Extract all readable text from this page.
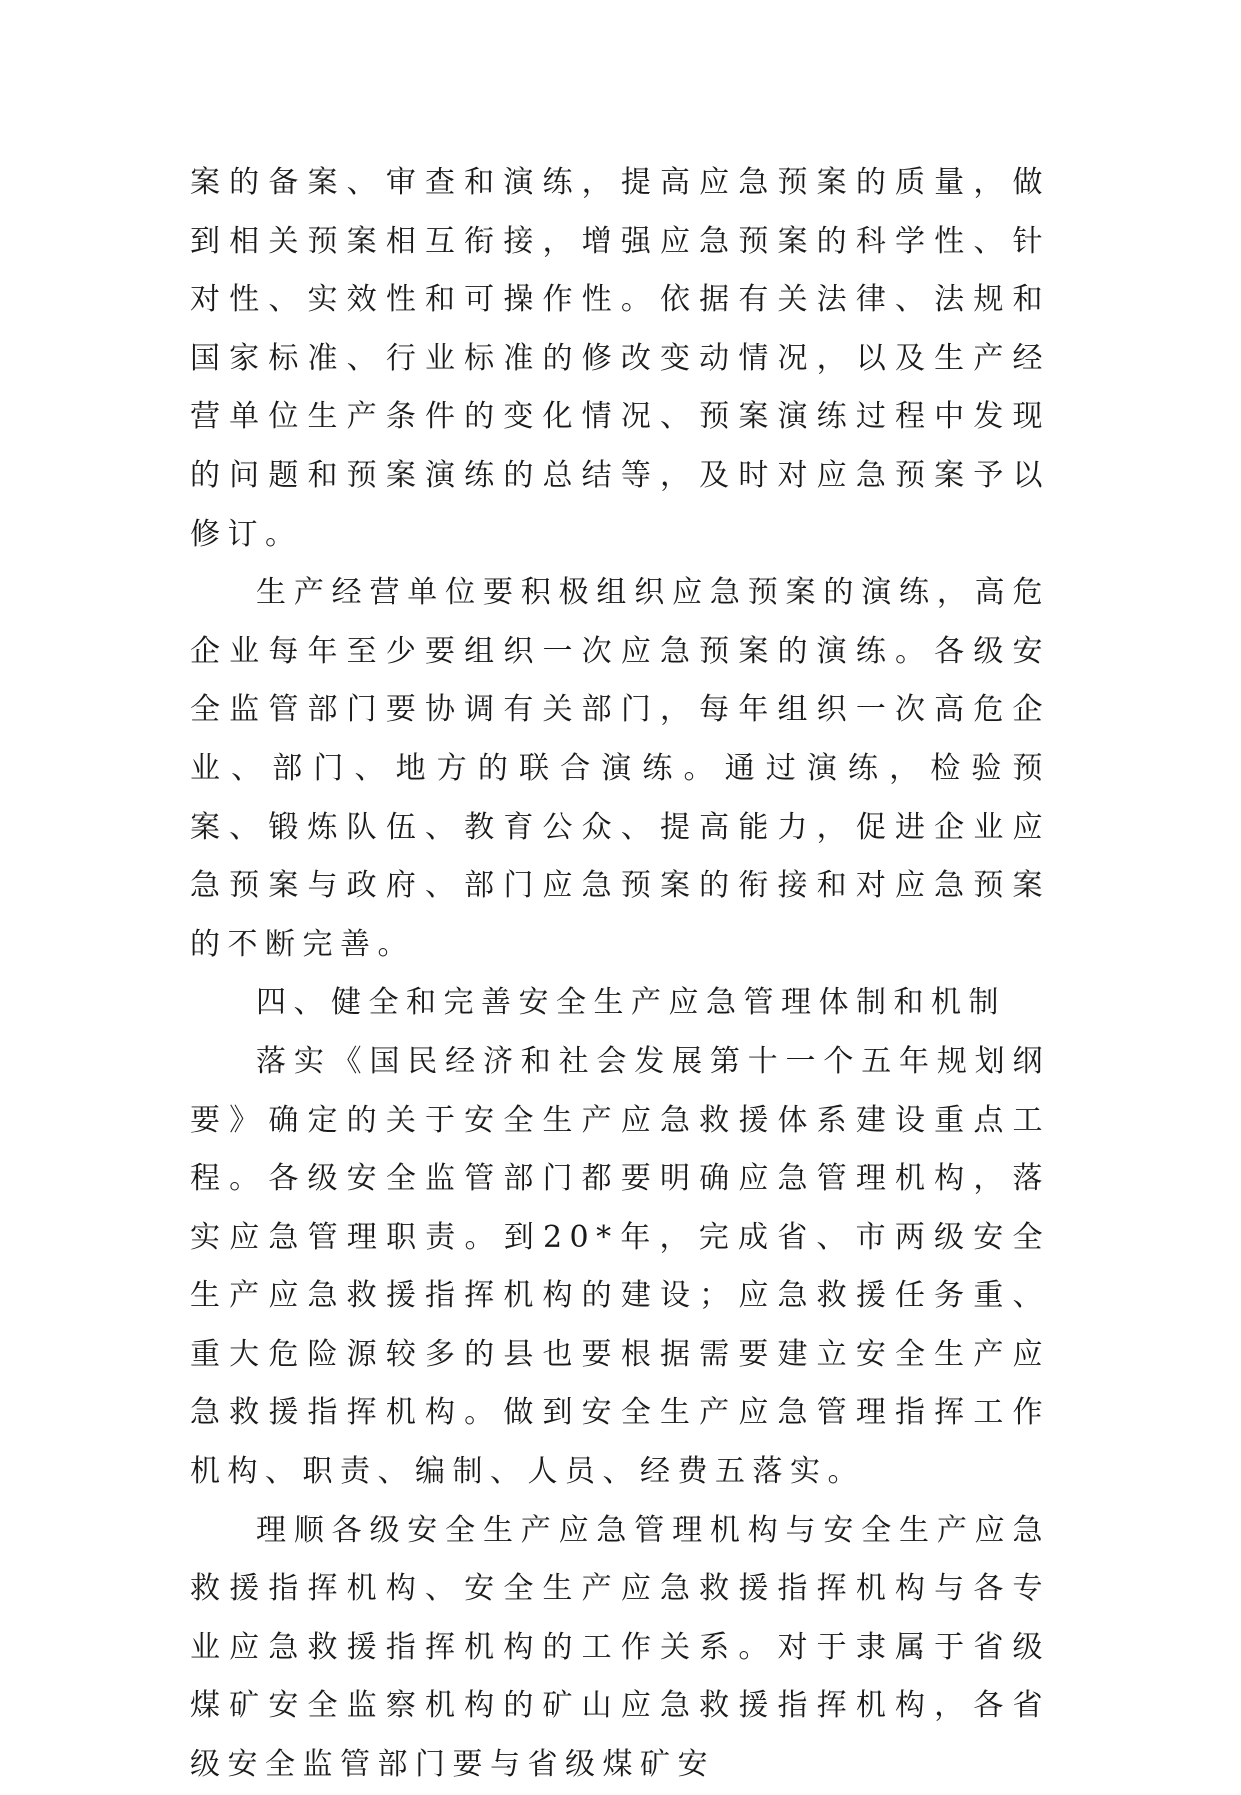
案的备案、审查和演练，提高应急预案的质量，做到相关预案相互衔接，增强应急预案的科学性、针对性、实效性和可操作性。依据有关法律、法规和国家标准、行业标准的修改变动情况，以及生产经营单位生产条件的变化情况、预案演练过程中发现的问题和预案演练的总结等，及时对应急预案予以修订。

生产经营单位要积极组织应急预案的演练，高危企业每年至少要组织一次应急预案的演练。各级安全监管部门要协调有关部门，每年组织一次高危企业、部门、地方的联合演练。通过演练，检验预案、锻炼队伍、教育公众、提高能力，促进企业应急预案与政府、部门应急预案的衔接和对应急预案的不断完善。

四、健全和完善安全生产应急管理体制和机制

落实《国民经济和社会发展第十一个五年规划纲要》确定的关于安全生产应急救援体系建设重点工程。各级安全监管部门都要明确应急管理机构，落实应急管理职责。到20*年，完成省、市两级安全生产应急救援指挥机构的建设；应急救援任务重、重大危险源较多的县也要根据需要建立安全生产应急救援指挥机构。做到安全生产应急管理指挥工作机构、职责、编制、人员、经费五落实。

理顺各级安全生产应急管理机构与安全生产应急救援指挥机构、安全生产应急救援指挥机构与各专业应急救援指挥机构的工作关系。对于隶属于省级煤矿安全监察机构的矿山应急救援指挥机构，各省级安全监管部门要与省级煤矿安
